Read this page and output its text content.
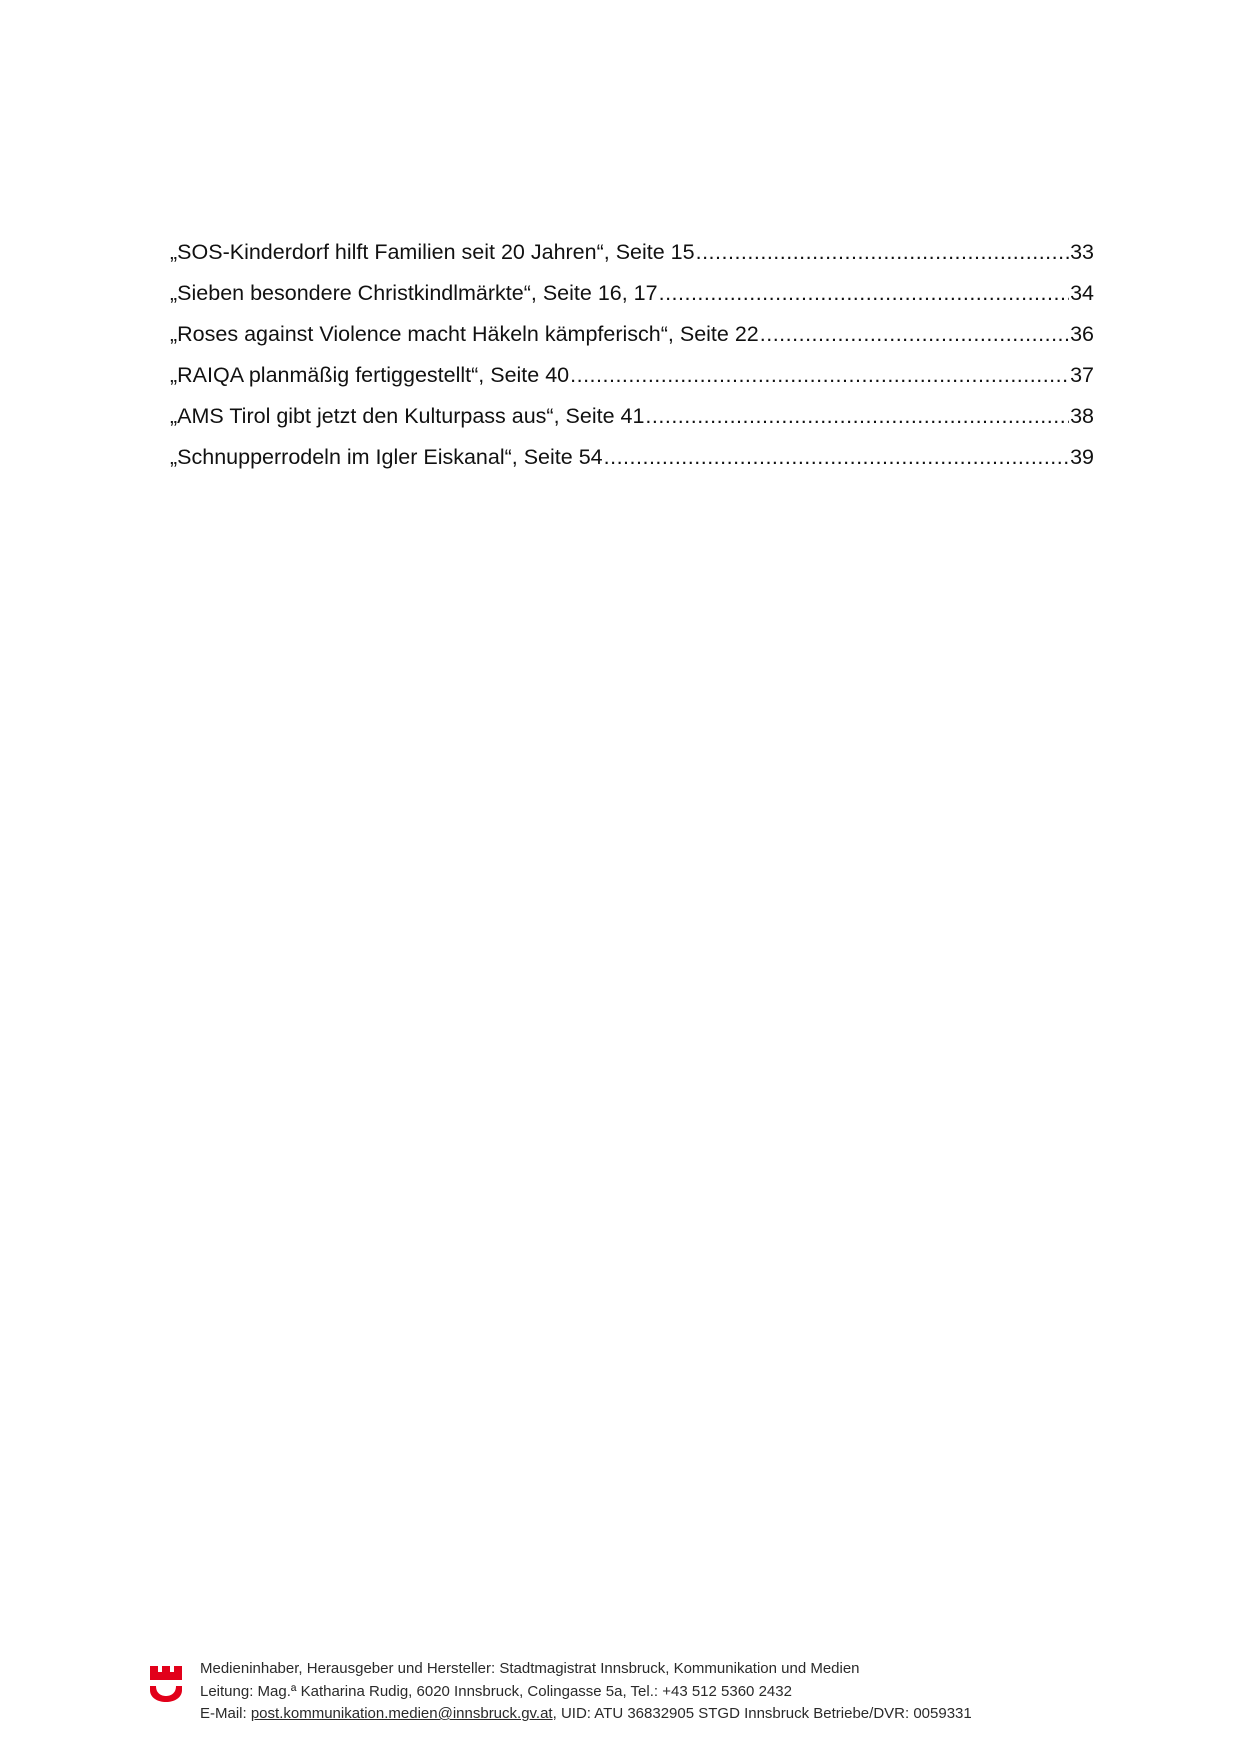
„SOS-Kinderdorf hilft Familien seit 20 Jahren“, Seite 15 .....	33
„Sieben besondere Christkindlmärkte“, Seite 16, 17 .....	34
„Roses against Violence macht Häkeln kämpferisch“, Seite 22 .....	36
„RAIQA planmäßig fertiggestellt“, Seite 40 .....	37
„AMS Tirol gibt jetzt den Kulturpass aus“, Seite 41 .....	38
„Schnupperrodeln im Igler Eiskanal“, Seite 54 .....	39
Medieninhaber, Herausgeber und Hersteller: Stadtmagistrat Innsbruck, Kommunikation und Medien
Leitung: Mag.ª Katharina Rudig, 6020 Innsbruck, Colingasse 5a, Tel.: +43 512 5360 2432
E-Mail: post.kommunikation.medien@innsbruck.gv.at, UID: ATU 36832905 STGD Innsbruck Betriebe/DVR: 0059331
